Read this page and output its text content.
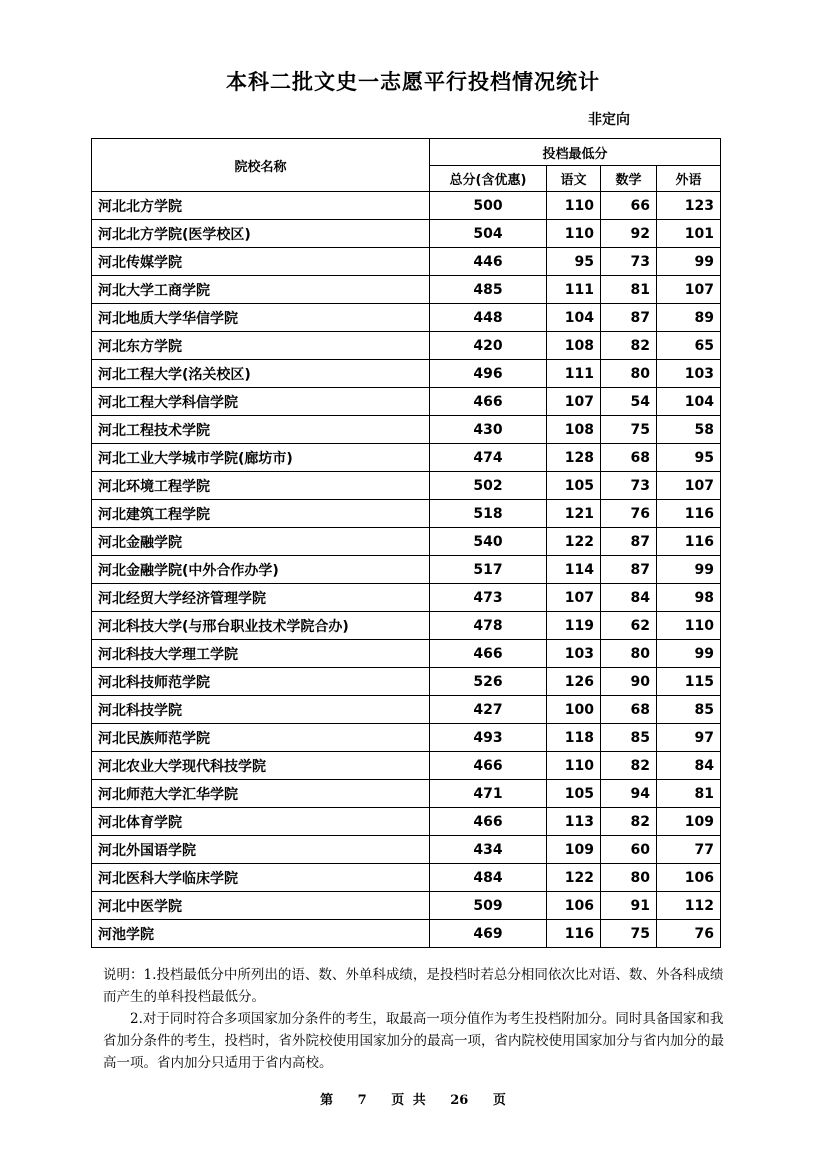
本科二批文史一志愿平行投档情况统计
非定向
院校名称	投档最低分			
	总分(含优惠)	语文	数学	外语
河北北方学院	500	110	66	123
河北北方学院(医学校区)	504	110	92	101
河北传媒学院	446	95	73	99
河北大学工商学院	485	111	81	107
河北地质大学华信学院	448	104	87	89
河北东方学院	420	108	82	65
河北工程大学(洺关校区)	496	111	80	103
河北工程大学科信学院	466	107	54	104
河北工程技术学院	430	108	75	58
河北工业大学城市学院(廊坊市)	474	128	68	95
河北环境工程学院	502	105	73	107
河北建筑工程学院	518	121	76	116
河北金融学院	540	122	87	116
河北金融学院(中外合作办学)	517	114	87	99
河北经贸大学经济管理学院	473	107	84	98
河北科技大学(与邢台职业技术学院合办)	478	119	62	110
河北科技大学理工学院	466	103	80	99
河北科技师范学院	526	126	90	115
河北科技学院	427	100	68	85
河北民族师范学院	493	118	85	97
河北农业大学现代科技学院	466	110	82	84
河北师范大学汇华学院	471	105	94	81
河北体育学院	466	113	82	109
河北外国语学院	434	109	60	77
河北医科大学临床学院	484	122	80	106
河北中医学院	509	106	91	112
河池学院	469	116	75	76

说明：1.投档最低分中所列出的语、数、外单科成绩，是投档时若总分相同依次比对语、数、外各科成绩而产生的单科投档最低分。

2.对于同时符合多项国家加分条件的考生，取最高一项分值作为考生投档附加分。同时具备国家和我省加分条件的考生，投档时，省外院校使用国家加分的最高一项，省内院校使用国家加分与省内加分的最高一项。省内加分只适用于省内高校。

第 7 页 共 26 页
